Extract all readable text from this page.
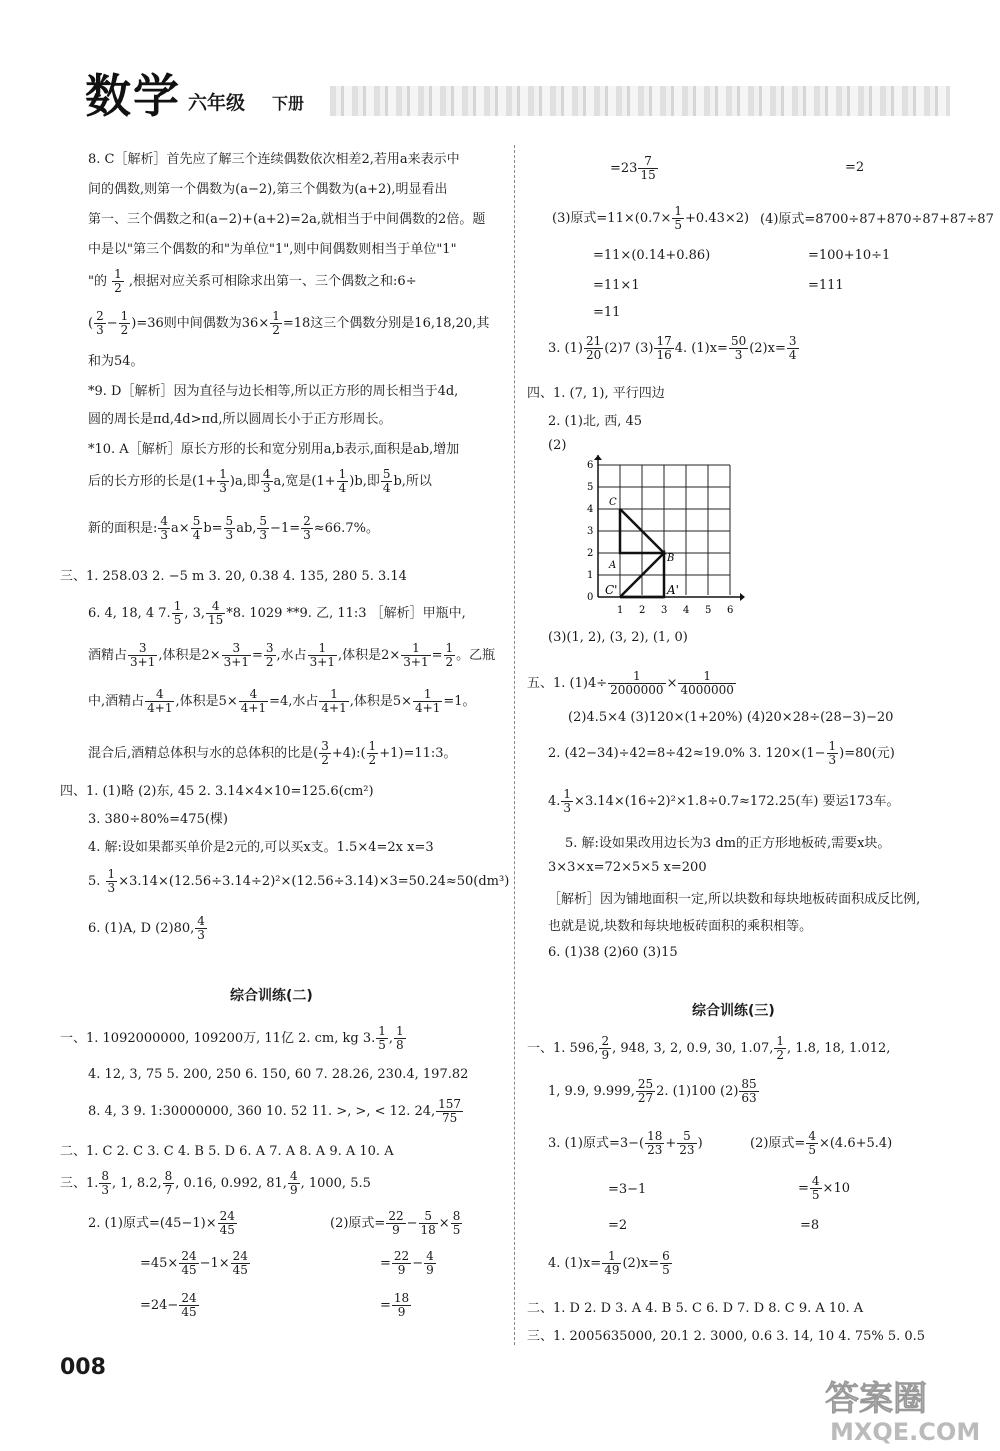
数学 六年级 下册
8. C［解析］首先应了解三个连续偶数依次相差2,若用a来表示中
间的偶数,则第一个偶数为(a−2),第三个偶数为(a+2),明显看出
第一、三个偶数之和(a−2)+(a+2)=2a,就相当于中间偶数的2倍。题
中是以"第三个偶数的和"为单位"1",则中间偶数则相当于单位"1"
"的 $\frac{1}{2}$ ,根据对应关系可相除求出第一、三个偶数之和:6÷
( $\frac{2}{3} - \frac{1}{2} )=36$则中间偶数为$36\times \frac{1}{2} =18$这三个偶数分别是16,18,20,其
和为54。
*9. D［解析］因为直径与边长相等,所以正方形的周长相当于4d,
圆的周长是πd,4d>πd,所以圆周长小于正方形周长。
*10. A［解析］原长方形的长和宽分别用a,b表示,面积是ab,增加
后的长方形的长是$(1+ \frac{1}{3} )a$,即 $\frac{4}{3} a$,宽是$(1+ \frac{1}{4} )b$,即 $\frac{5}{4} b$,所以
新的面积是: $\frac{4}{3} a\times \frac{5}{4} b= \frac{5}{3}$ ab, $\frac{5}{3} -1= \frac{2}{3} \approx 66.7\%$。
三、1. 258.03 2. −5 m 3. 20, 0.38 4. 135, 280 5. 3.14
6. 4, 18, 4 7. $\frac{1}{5}$ , 3, $\frac{4}{15} *8$. 1029 **9. 乙, 11:3 ［解析］甲瓶中,
酒精占 $\frac{3}{3+1}$ ,体积是$2\times \frac{3}{3+1} = \frac{3}{2}$ ,水占 $\frac{1}{3+1}$ ,体积是$2\times \frac{1}{3+1} = \frac{1}{2}$ 。乙瓶
中,酒精占 $\frac{4}{4+1}$ ,体积是$5\times \frac{4}{4+1} =4$,水占 $\frac{1}{4+1}$ ,体积是$5\times \frac{1}{4+1} =1$。
混合后,酒精总体积与水的总体积的比是( $\frac{3}{2}$ +4):( $\frac{1}{2}$ +1)=11:3。
四、1. (1)略 (2)东, 45 2. 3.14×4×10=125.6(cm²)
3. 380÷80%=475(棵)
4. 解:设如果都买单价是2元的,可以买x支。1.5×4=2x x=3
5. $\frac{1}{3} \times 3.14\times(12.56\div 3.14\div 2)^2\times(12.56\div 3.14)\times 3=50.24\approx 50(dm^3)$
6. (1)A, D (2)80, $\frac{4}{3}$
综合训练(二)
一、1. 1092000000, 109200万, 11亿 2. cm, kg 3. $\frac{1}{5}$ , $\frac{1}{8}$
4. 12, 3, 75 5. 200, 250 6. 150, 60 7. 28.26, 230.4, 197.82
8. 4, 3 9. 1:30000000, 360 10. 52 11. >, >, < 12. 24, $\frac{157}{75}$
二、1. C 2. C 3. C 4. B 5. D 6. A 7. A 8. A 9. A 10. A
三、1. $\frac{8}{3}$ , 1, 8.2, $\frac{8}{7}$ , 0.16, 0.992, 81, $\frac{4}{9}$ , 1000, 5.5
2. (1)原式$=(45-1)\times \frac{24}{45}$	(2)原式= $\frac{22}{9} - \frac{5}{18} \times \frac{8}{5}$
$=45\times \frac{24}{45} -1\times \frac{24}{45}$	= $\frac{22}{9} - \frac{4}{9}$
$=24- \frac{24}{45}$	= $\frac{18}{9}$
$=23 \frac{7}{15}$	=2
(3)原式$=11\times(0.7\times \frac{1}{5} +0.43\times 2)$ (4)原式=8700÷87+870÷87+87÷87
=11×(0.14+0.86)	=100+10÷1
=11×1	=111
=11
3. $(1) \frac{21}{20} (2)7$ $(3) \frac{17}{16} 4$. $(1)x= \frac{50}{3} (2)x= \frac{3}{4}$
四、1. (7, 1), 平行四边
2. (1)北, 西, 45
(2)
0
1
2
3
4
5
6
1 2 3 4 5 6
C
A
B
C'	A'
(3)(1, 2), (3, 2), (1, 0)
五、1. $(1)4\div \frac{1}{2000000} \times \frac{1}{4000000}$
(2)4.5×4 (3)120×(1+20%) (4)20×28÷(28−3)−20
2. (42−34)÷42=8÷42≈19.0% 3. $120\times(1- \frac{1}{3} )=80$(元)
4. $\frac{1}{3} \times 3.14\times(16\div 2)^2\times 1.8\div 0.7\approx 172.25$(车) 要运173车。
5. 解:设如果改用边长为3 dm的正方形地板砖,需要x块。
3×3×x=72×5×5 x=200
［解析］因为铺地面积一定,所以块数和每块地板砖面积成反比例,
也就是说,块数和每块地板砖面积的乘积相等。
6. (1)38 (2)60 (3)15
综合训练(三)
一、1. 596, $\frac{2}{9}$ , 948, 3, 2, 0.9, 30, 1.07, $\frac{1}{2}$ , 1.8, 18, 1.012,
1, 9.9, 9.999, $\frac{25}{27} 2$. (1)100 $(2) \frac{85}{63}$
3. (1)原式$=3-( \frac{18}{23} + \frac{5}{23}$ )	(2)原式= $\frac{4}{5} \times(4.6+5.4)$
=3−1	= $\frac{4}{5} \times 10$
=2	=8
4. $(1)x= \frac{1}{49} (2)x= \frac{6}{5}$
二、1. D 2. D 3. A 4. B 5. C 6. D 7. D 8. C 9. A 10. A
三、1. 2005635000, 20.1 2. 3000, 0.6 3. 14, 10 4. 75% 5. 0.5
008
答案圈
MXQE.COM
